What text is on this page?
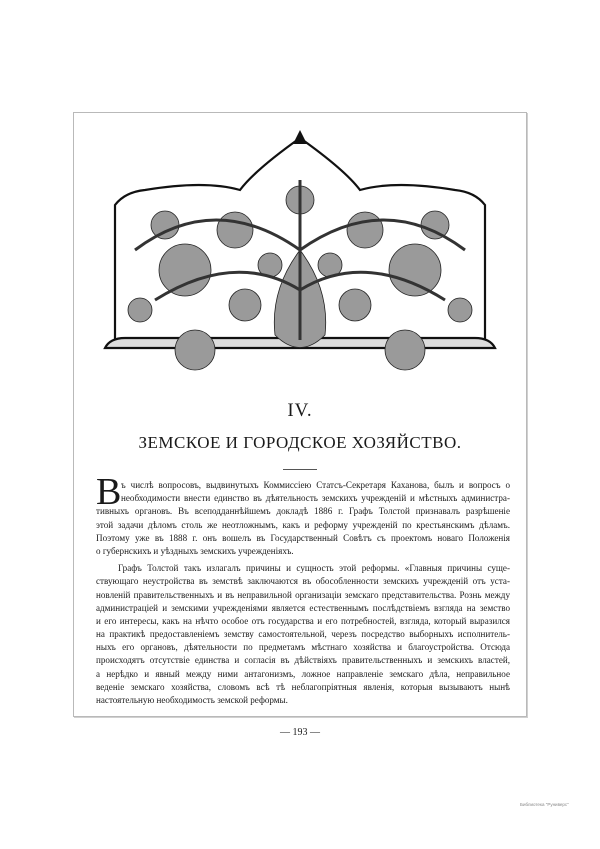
IV.
ЗЕМСКОЕ И ГОРОДСКОЕ ХОЗЯЙСТВО.
В ъ числѣ вопросовъ, выдвинутыхъ Коммиссіею Статсъ-Секретаря Каханова, былъ и вопросъ о
необходимости внести единство въ дѣятельность земскихъ учрежденій и мѣстныхъ администра-
тивныхъ органовъ. Въ всеподданнѣйшемъ докладѣ 1886 г. Графъ Толстой признавалъ разрѣшеніе
этой задачи дѣломъ столь же неотложнымъ, какъ и реформу учрежденій по крестьянскимъ дѣламъ.
Поэтому уже въ 1888 г. онъ вошелъ въ Государственный Совѣтъ съ проектомъ новаго Положенія
о губернскихъ и уѣздныхъ земскихъ учрежденіяхъ.
Графъ Толстой такъ излагалъ причины и сущность этой реформы. «Главныя причины суще-
ствующаго неустройства въ земствѣ заключаются въ обособленности земскихъ учрежденій отъ уста-
новленій правительственныхъ и въ неправильной организаціи земскаго представительства. Рознь между
администраціей и земскими учрежденіями является естественнымъ послѣдствіемъ взгляда на земство
и его интересы, какъ на нѣчто особое отъ государства и его потребностей, взгляда, который выразился
на практикѣ предоставленіемъ земству самостоятельной, черезъ посредство выборныхъ исполнитель-
ныхъ его органовъ, дѣятельности по предметамъ мѣстнаго хозяйства и благоустройства. Отсюда
происходятъ отсутствіе единства и согласія въ дѣйствіяхъ правительственныхъ и земскихъ властей,
а нерѣдко и явный между ними антагонизмъ, ложное направленіе земскаго дѣла, неправильное
веденіе земскаго хозяйства, словомъ всѣ тѣ неблагопріятныя явленія, которыя вызываютъ нынѣ
настоятельную необходимость земской реформы.
— 193 —
Библиотека "Руниверс"
